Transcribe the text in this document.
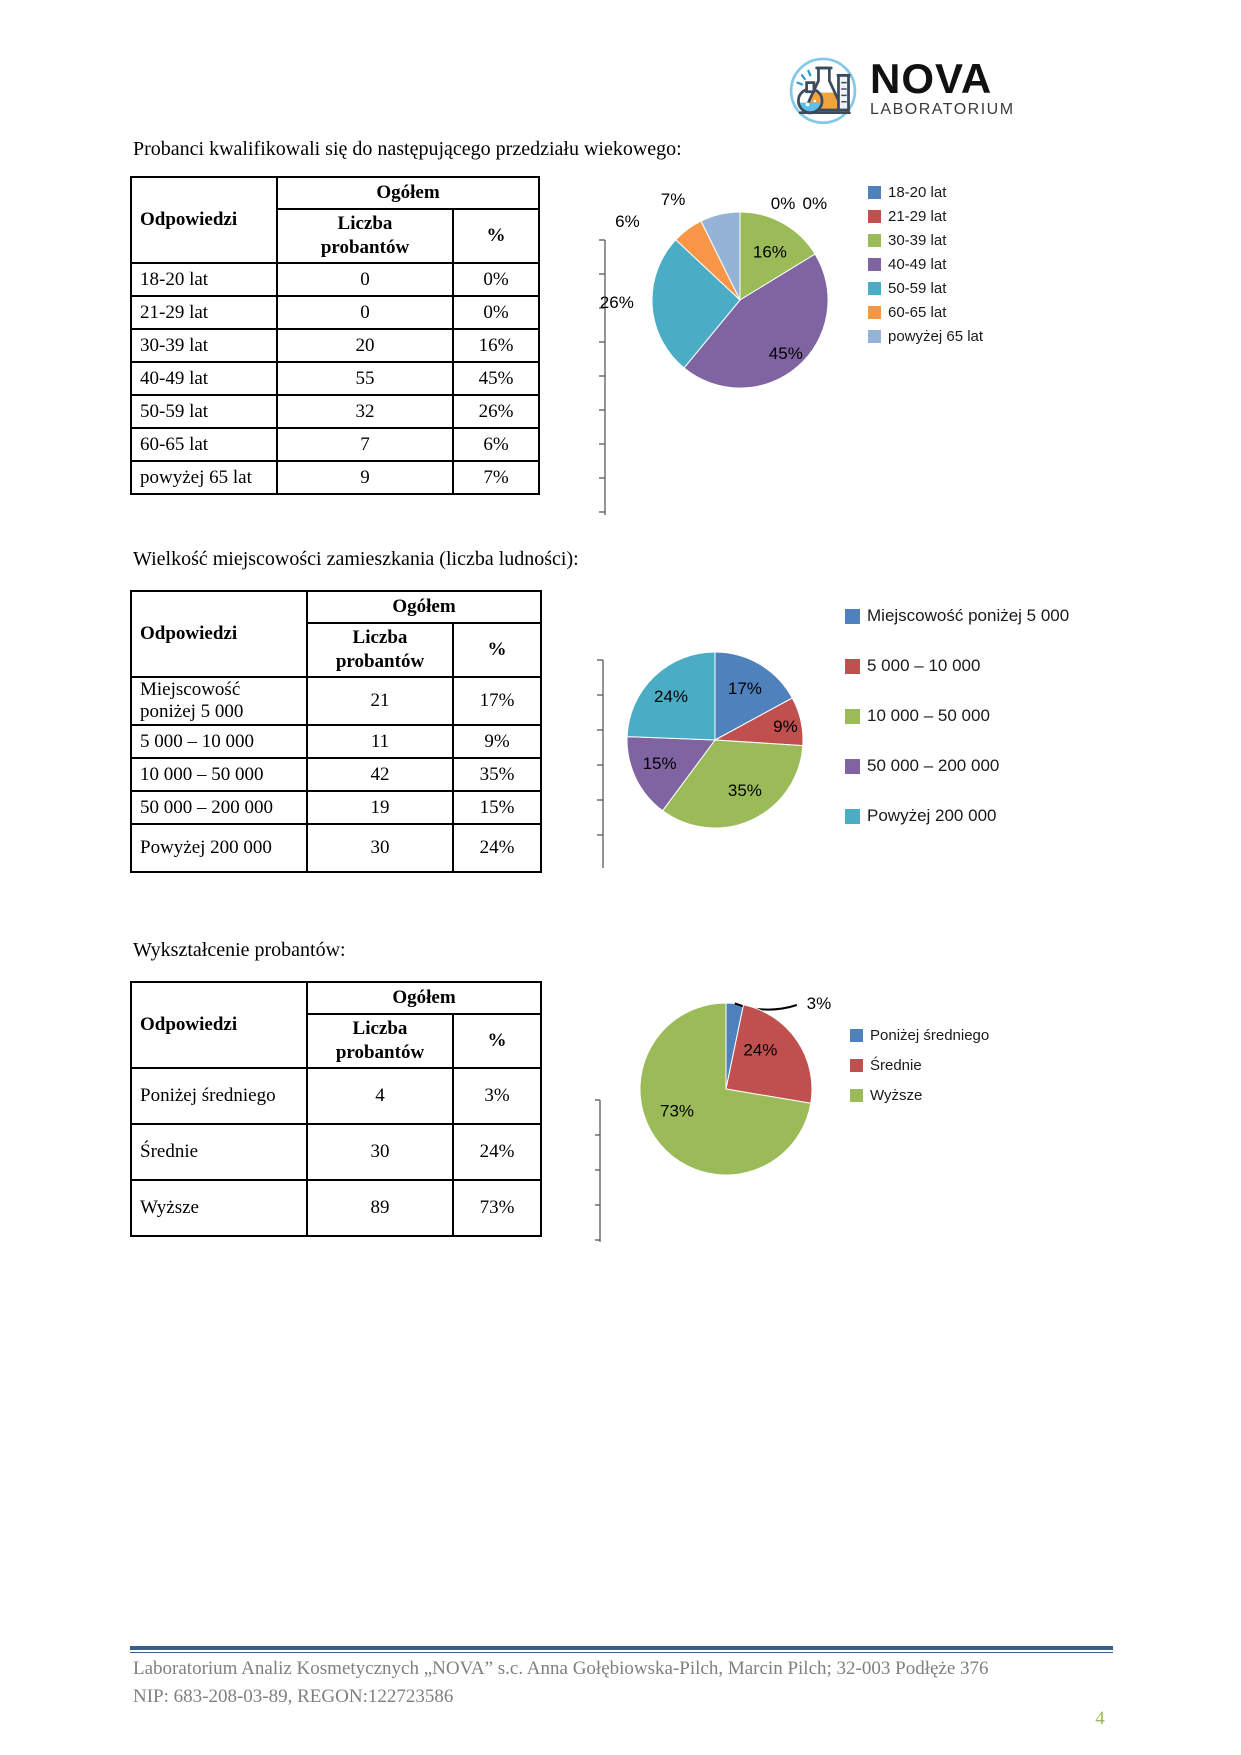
NOVA
LABORATORIUM
Probanci kwalifikowali się do następującego przedziału wiekowego:
Odpowiedzi	Ogółem	
	Liczba probantów	%
18-20 lat	0	0%
21-29 lat	0	0%
30-39 lat	20	16%
40-49 lat	55	45%
50-59 lat	32	26%
60-65 lat	7	6%
powyżej 65 lat	9	7%
0% 0%
16%
45%
26%
6%
7%	18-20 lat
21-29 lat
30-39 lat
40-49 lat
50-59 lat
60-65 lat
powyżej 65 lat
Wielkość miejscowości zamieszkania (liczba ludności):
Odpowiedzi	Ogółem	
	Liczba probantów	%
Miejscowość poniżej 5 000	21	17%
5 000 – 10 000	11	9%
10 000 – 50 000	42	35%
50 000 – 200 000	19	15%
Powyżej 200 000	30	24%
17%
9%
35%
15%
24%
Miejscowość poniżej 5 000
5 000 – 10 000
10 000 – 50 000
50 000 – 200 000
Powyżej 200 000
Wykształcenie probantów:
Odpowiedzi	Ogółem	
	Liczba probantów	%
Poniżej średniego	4	3%
Średnie	30	24%
Wyższe	89	73%
3%
24%
73%
Poniżej średniego
Średnie
Wyższe
Laboratorium Analiz Kosmetycznych „NOVA” s.c. Anna Gołębiowska-Pilch, Marcin Pilch; 32-003 Podłęże 376
NIP: 683-208-03-89, REGON:122723586
4
